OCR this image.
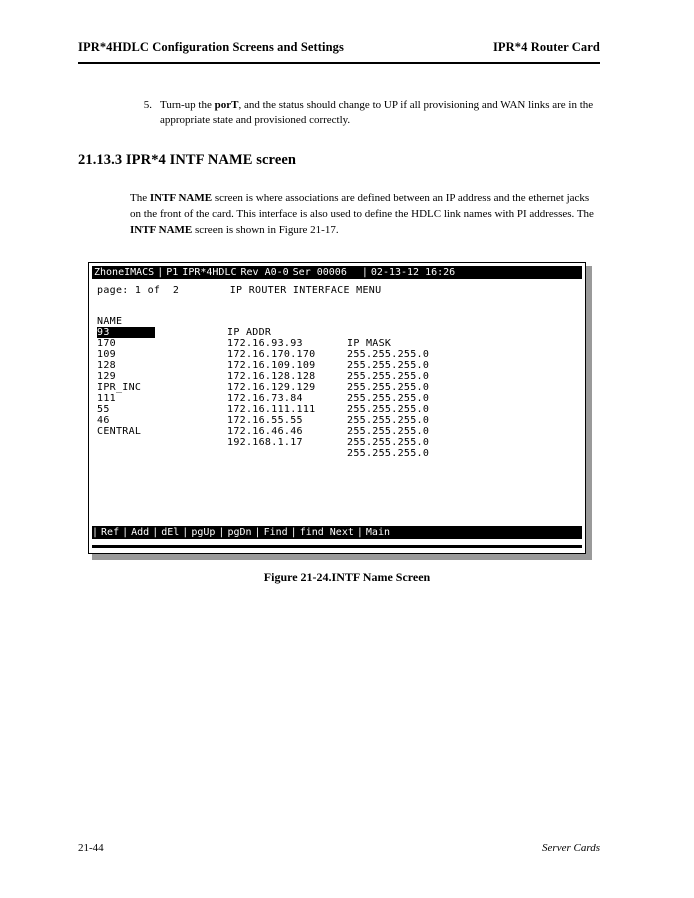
IPR*4HDLC Configuration Screens and Settings	IPR*4 Router Card
5. Turn-up the porT, and the status should change to UP if all provisioning and WAN links are in the appropriate state and provisioned correctly.
21.13.3 IPR*4 INTF NAME screen
The INTF NAME screen is where associations are defined between an IP address and the ethernet jacks on the front of the card. This interface is also used to define the HDLC link names with PI addresses. The INTF NAME screen is shown in Figure 21-17.
ZhoneIMACS | P1 IPR*4HDLC Rev A0-0 Ser 00006 | 02-13-12 16:26
page: 1 of  2        IP ROUTER INTERFACE MENU

NAME

IP ADDR

IP MASK

93

172.16.93.93

255.255.255.0

170

172.16.170.170

255.255.255.0

109

172.16.109.109

255.255.255.0

128

172.16.128.128

255.255.255.0

129

172.16.129.129

255.255.255.0

IPR_INC

172.16.73.84

255.255.255.0

111

172.16.111.111

255.255.255.0

55

172.16.55.55

255.255.255.0

46

172.16.46.46

255.255.255.0

CENTRAL

192.168.1.17

255.255.255.0

| Ref | Add | dEl | pgUp | pgDn | Find | find Next | Main
Figure 21-24.INTF Name Screen
21-44	Server Cards
